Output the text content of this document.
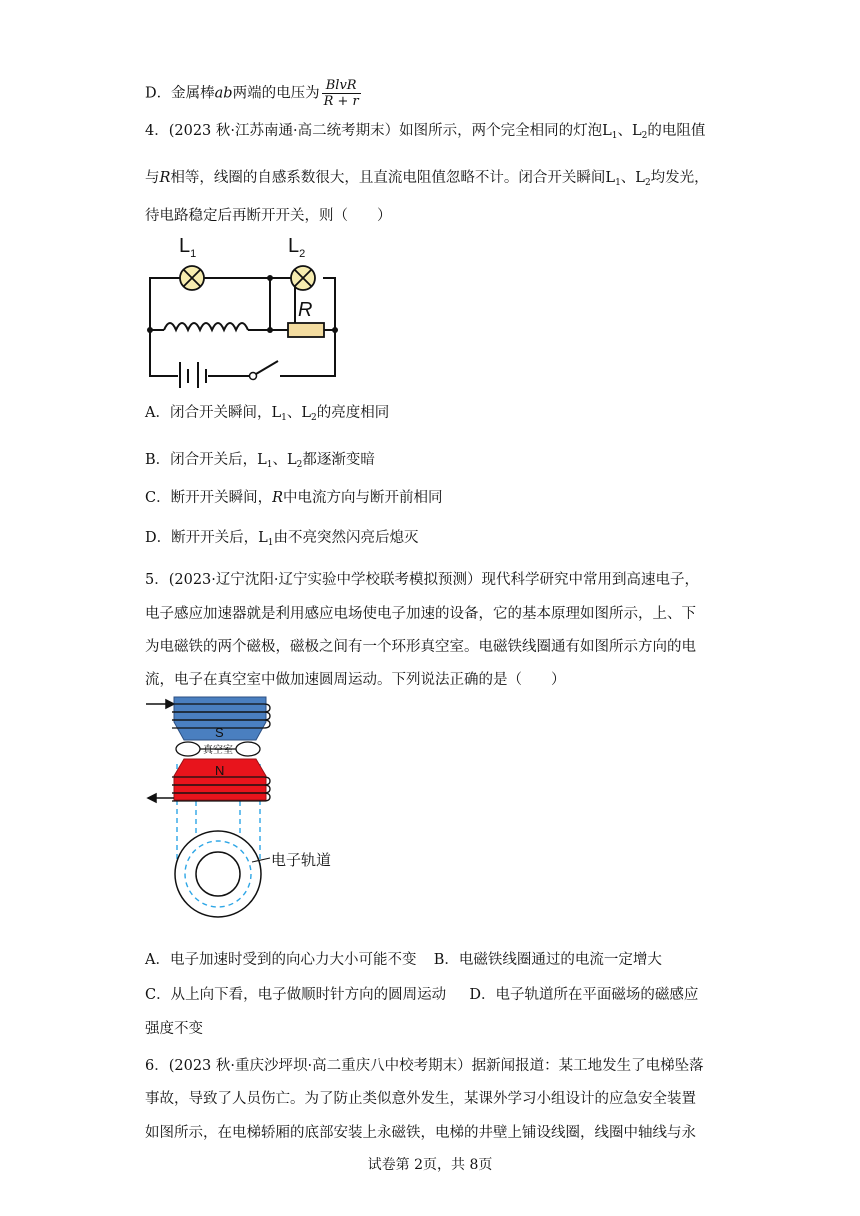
D．金属棒ab两端的电压为 $\frac{\text{BlvR}}{R + r}$
4．(2023 秋·江苏南通·高二统考期末）如图所示，两个完全相同的灯泡$L_1$、$L_2$的电阻值
与R相等，线圈的自感系数很大，且直流电阻值忽略不计。闭合开关瞬间$L_1$、$L_2$均发光，
待电路稳定后再断开开关，则（　　）
$L_1$	$L_2$
R
A．闭合开关瞬间，$L_1$、$L_2$的亮度相同
B．闭合开关后，$L_1$、$L_2$都逐渐变暗
C．断开开关瞬间，R中电流方向与断开前相同
D．断开开关后，$L_1$由不亮突然闪亮后熄灭
5．(2023·辽宁沈阳·辽宁实验中学校联考模拟预测）现代科学研究中常用到高速电子，
电子感应加速器就是利用感应电场使电子加速的设备，它的基本原理如图所示，上、下
为电磁铁的两个磁极，磁极之间有一个环形真空室。电磁铁线圈通有如图所示方向的电
流，电子在真空室中做加速圆周运动。下列说法正确的是（　　）
S
真空室
N
电子轨道
A．电子加速时受到的向心力大小可能不变 B．电磁铁线圈通过的电流一定增大
C．从上向下看，电子做顺时针方向的圆周运动 D．电子轨道所在平面磁场的磁感应
强度不变
6．(2023 秋·重庆沙坪坝·高二重庆八中校考期末）据新闻报道：某工地发生了电梯坠落
事故，导致了人员伤亡。为了防止类似意外发生，某课外学习小组设计的应急安全装置
如图所示，在电梯轿厢的底部安装上永磁铁，电梯的井壁上铺设线圈，线圈中轴线与永
试卷第 2页，共 8页
